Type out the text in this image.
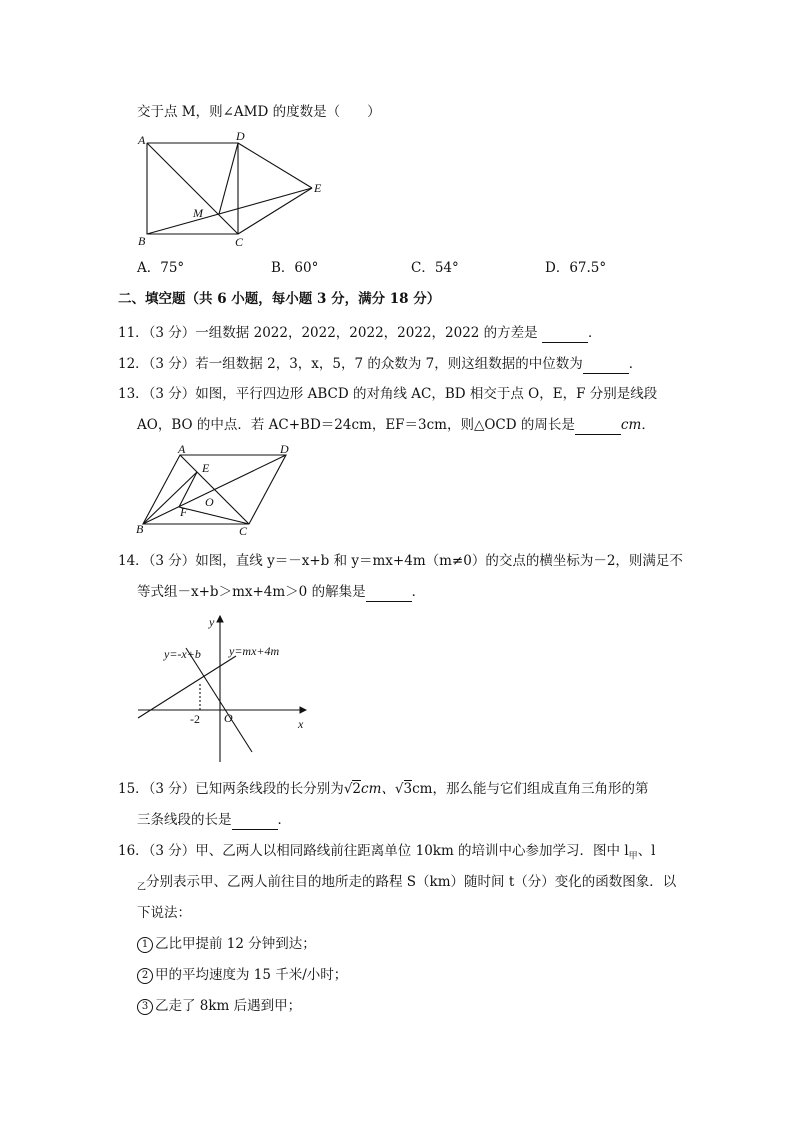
交于点 M，则∠AMD 的度数是（　　）
A	D
E
M
B	C
A．75°	B．60°	C．54°	D．67.5°
二、填空题（共 6 小题，每小题 3 分，满分 18 分）
11．（3 分）一组数据 2022，2022，2022，2022，2022 的方差是	．
12．（3 分）若一组数据 2，3，x，5，7 的众数为 7，则这组数据的中位数为	．
13．（3 分）如图，平行四边形 ABCD 的对角线 AC，BD 相交于点 O，E，F 分别是线段
AO，BO 的中点．若 AC+BD＝24cm，EF＝3cm，则△OCD 的周长是	cm．
A	D
E
O
F
B	C
14．（3 分）如图，直线 y＝－x+b 和 y＝mx+4m（m≠0）的交点的横坐标为－2，则满足不
等式组－x+b＞mx+4m＞0 的解集是	．
y
x
O
-2
y=-x+b y=mx+4m
15．（3 分）已知两条线段的长分别为√2cm、√3cm，那么能与它们组成直角三角形的第
三条线段的长是	．
16．（3 分）甲、乙两人以相同路线前往距离单位 10km 的培训中心参加学习．图中 $l_甲$、l
$_乙$分别表示甲、乙两人前往目的地所走的路程 S（km）随时间 t（分）变化的函数图象．以
下说法：
1 乙比甲提前 12 分钟到达；
2 甲的平均速度为 15 千米/小时；
3 乙走了 8km 后遇到甲；
